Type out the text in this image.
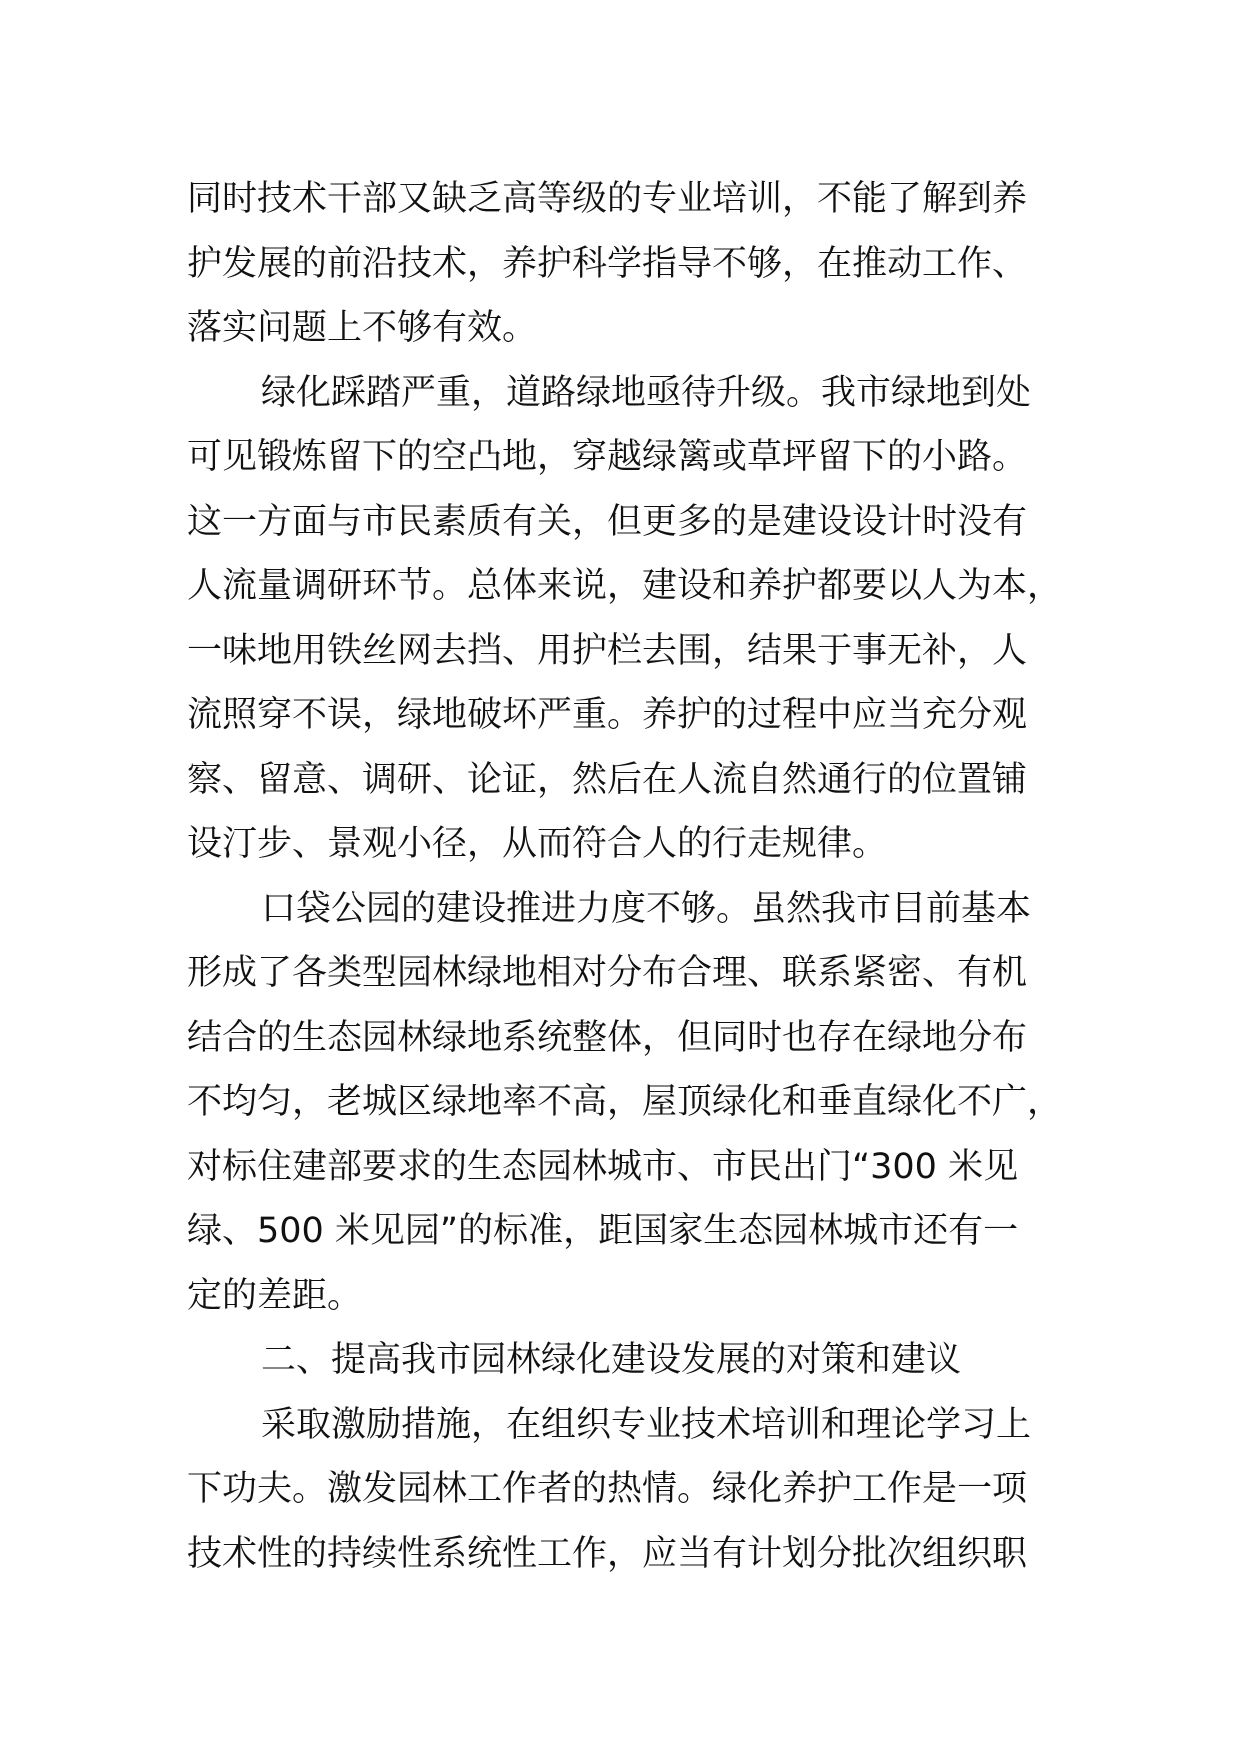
同时技术干部又缺乏高等级的专业培训，不能了解到养
护发展的前沿技术，养护科学指导不够，在推动工作、
落实问题上不够有效。
绿化踩踏严重，道路绿地亟待升级。我市绿地到处
可见锻炼留下的空凸地，穿越绿篱或草坪留下的小路。
这一方面与市民素质有关，但更多的是建设设计时没有
人流量调研环节。总体来说，建设和养护都要以人为本，
一味地用铁丝网去挡、用护栏去围，结果于事无补，人
流照穿不误，绿地破坏严重。养护的过程中应当充分观
察、留意、调研、论证，然后在人流自然通行的位置铺
设汀步、景观小径，从而符合人的行走规律。
口袋公园的建设推进力度不够。虽然我市目前基本
形成了各类型园林绿地相对分布合理、联系紧密、有机
结合的生态园林绿地系统整体，但同时也存在绿地分布
不均匀，老城区绿地率不高，屋顶绿化和垂直绿化不广，
对标住建部要求的生态园林城市、市民出门“300 米见
绿、500 米见园”的标准，距国家生态园林城市还有一
定的差距。
二、提高我市园林绿化建设发展的对策和建议
采取激励措施，在组织专业技术培训和理论学习上
下功夫。激发园林工作者的热情。绿化养护工作是一项
技术性的持续性系统性工作，应当有计划分批次组织职
